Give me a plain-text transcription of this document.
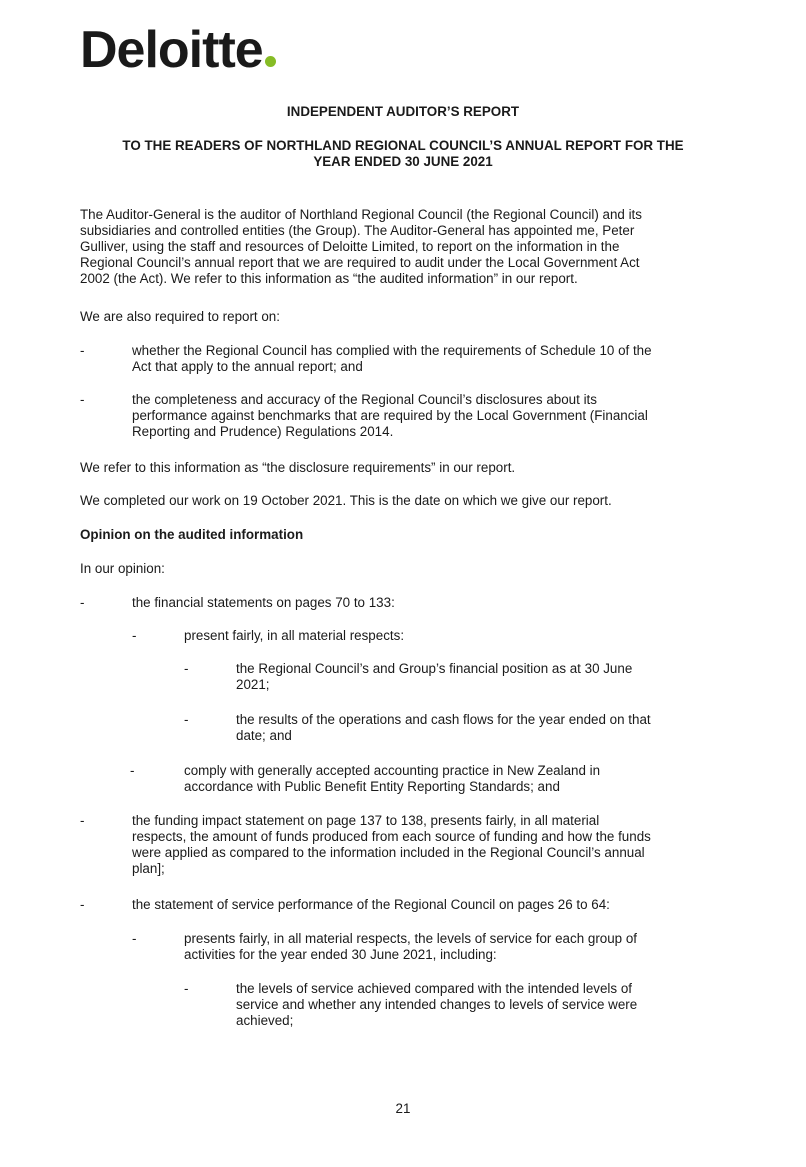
Deloitte
INDEPENDENT AUDITOR’S REPORT
TO THE READERS OF NORTHLAND REGIONAL COUNCIL’S ANNUAL REPORT FOR THE
YEAR ENDED 30 JUNE 2021
The Auditor-General is the auditor of Northland Regional Council (the Regional Council) and its
subsidiaries and controlled entities (the Group). The Auditor-General has appointed me, Peter
Gulliver, using the staff and resources of Deloitte Limited, to report on the information in the
Regional Council’s annual report that we are required to audit under the Local Government Act
2002 (the Act). We refer to this information as “the audited information” in our report.
We are also required to report on:
-	whether the Regional Council has complied with the requirements of Schedule 10 of the
Act that apply to the annual report; and
-	the completeness and accuracy of the Regional Council’s disclosures about its
performance against benchmarks that are required by the Local Government (Financial
Reporting and Prudence) Regulations 2014.
We refer to this information as “the disclosure requirements” in our report.
We completed our work on 19 October 2021. This is the date on which we give our report.
Opinion on the audited information
In our opinion:
-	the financial statements on pages 70 to 133:
-	present fairly, in all material respects:
-	the Regional Council’s and Group’s financial position as at 30 June
2021;
-	the results of the operations and cash flows for the year ended on that
date; and
-	comply with generally accepted accounting practice in New Zealand in
accordance with Public Benefit Entity Reporting Standards; and
-	the funding impact statement on page 137 to 138, presents fairly, in all material
respects, the amount of funds produced from each source of funding and how the funds
were applied as compared to the information included in the Regional Council’s annual
plan];
-	the statement of service performance of the Regional Council on pages 26 to 64:
-	presents fairly, in all material respects, the levels of service for each group of
activities for the year ended 30 June 2021, including:
-	the levels of service achieved compared with the intended levels of
service and whether any intended changes to levels of service were
achieved;
21
